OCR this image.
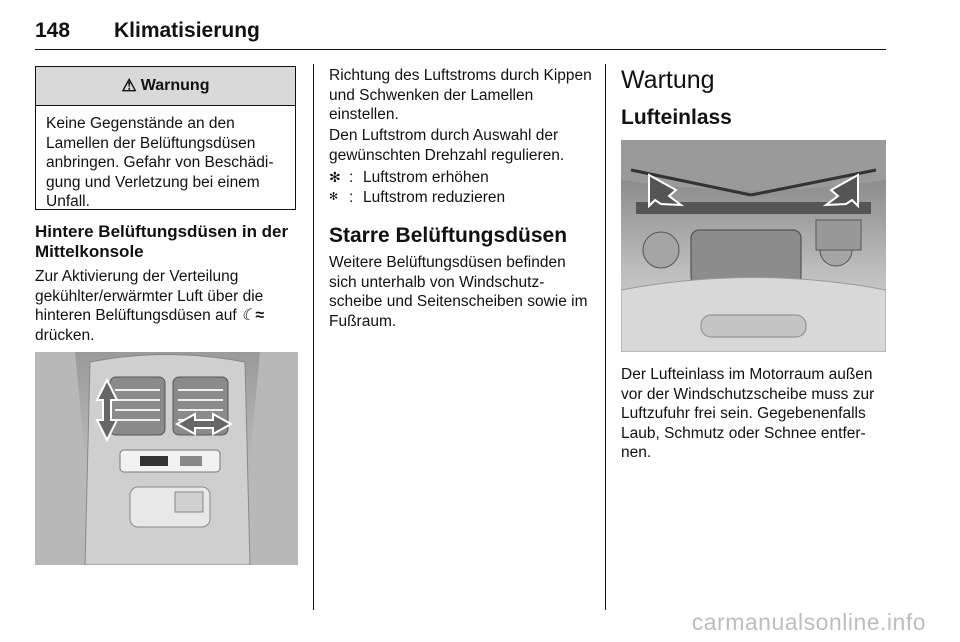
148 Klimatisierung
⚠ Warnung
Keine Gegenstände an den Lamellen der Belüftungsdüsen anbringen. Gefahr von Beschädi-gung und Verletzung bei einem Unfall.
Hintere Belüftungsdüsen in der Mittelkonsole
Zur Aktivierung der Verteilung gekühlter/erwärmter Luft über die hinteren Belüftungsdüsen auf ☾≈ drücken.
Richtung des Luftstroms durch Kippen und Schwenken der Lamellen einstellen.
Den Luftstrom durch Auswahl der gewünschten Drehzahl regulieren.
✻ : Luftstrom erhöhen
✻ : Luftstrom reduzieren
Starre Belüftungsdüsen
Weitere Belüftungsdüsen befinden sich unterhalb von Windschutz-scheibe und Seitenscheiben sowie im Fußraum.
Wartung
Lufteinlass
Der Lufteinlass im Motorraum außen vor der Windschutzscheibe muss zur Luftzufuhr frei sein. Gegebenenfalls Laub, Schmutz oder Schnee entfer-nen.
carmanualsonline.info
